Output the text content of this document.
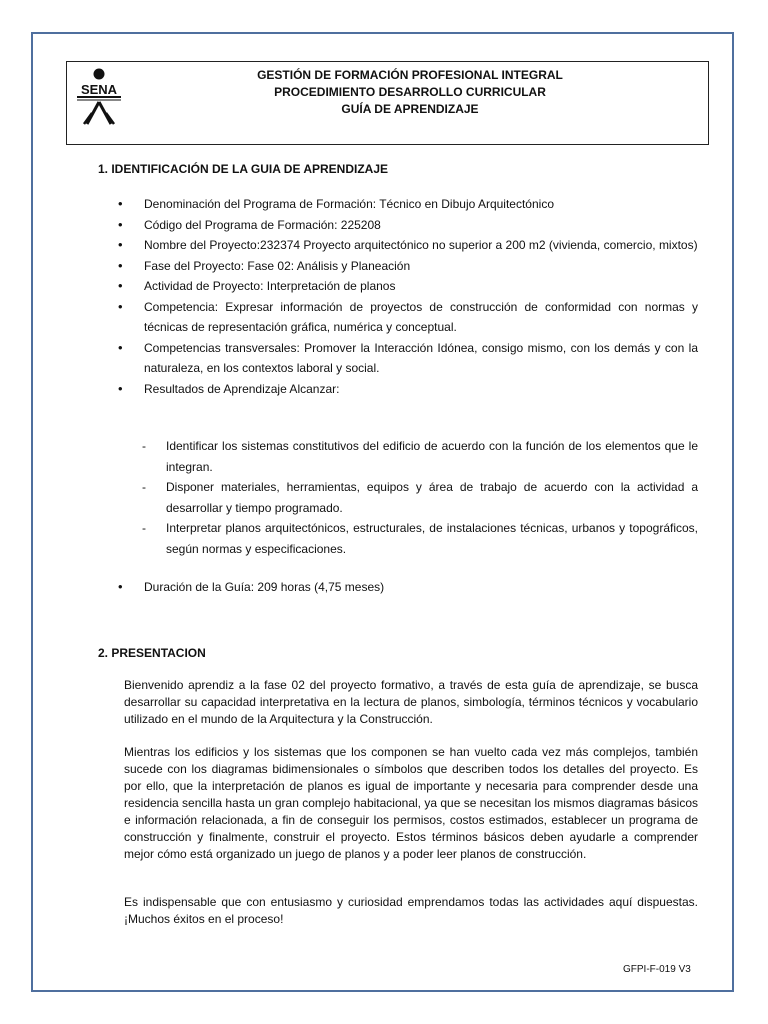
SENA
GESTIÓN DE FORMACIÓN PROFESIONAL INTEGRAL
PROCEDIMIENTO DESARROLLO CURRICULAR
GUÍA DE APRENDIZAJE
1. IDENTIFICACIÓN DE LA GUIA DE APRENDIZAJE
• Denominación del Programa de Formación: Técnico en Dibujo Arquitectónico
• Código del Programa de Formación: 225208
• Nombre del Proyecto:232374 Proyecto arquitectónico no superior a 200 m2 (vivienda, comercio, mixtos)
• Fase del Proyecto: Fase 02: Análisis y Planeación
• Actividad de Proyecto: Interpretación de planos
• Competencia: Expresar información de proyectos de construcción de conformidad con normas y técnicas de representación gráfica, numérica y conceptual.
• Competencias transversales: Promover la Interacción Idónea, consigo mismo, con los demás y con la naturaleza, en los contextos laboral y social.
• Resultados de Aprendizaje Alcanzar:
- Identificar los sistemas constitutivos del edificio de acuerdo con la función de los elementos que le integran.
- Disponer materiales, herramientas, equipos y área de trabajo de acuerdo con la actividad a desarrollar y tiempo programado.
- Interpretar planos arquitectónicos, estructurales, de instalaciones técnicas, urbanos y topográficos, según normas y especificaciones.
• Duración de la Guía: 209 horas (4,75 meses)
2. PRESENTACION

Bienvenido aprendiz a la fase 02 del proyecto formativo, a través de esta guía de aprendizaje, se busca desarrollar su capacidad interpretativa en la lectura de planos, simbología, términos técnicos y vocabulario utilizado en el mundo de la Arquitectura y la Construcción.

Mientras los edificios y los sistemas que los componen se han vuelto cada vez más complejos, también sucede con los diagramas bidimensionales o símbolos que describen todos los detalles del proyecto. Es por ello, que la interpretación de planos es igual de importante y necesaria para comprender desde una residencia sencilla hasta un gran complejo habitacional, ya que se necesitan los mismos diagramas básicos e información relacionada, a fin de conseguir los permisos, costos estimados, establecer un programa de construcción y finalmente, construir el proyecto. Estos términos básicos deben ayudarle a comprender mejor cómo está organizado un juego de planos y a poder leer planos de construcción.

Es indispensable que con entusiasmo y curiosidad emprendamos todas las actividades aquí dispuestas. ¡Muchos éxitos en el proceso!

GFPI-F-019 V3
